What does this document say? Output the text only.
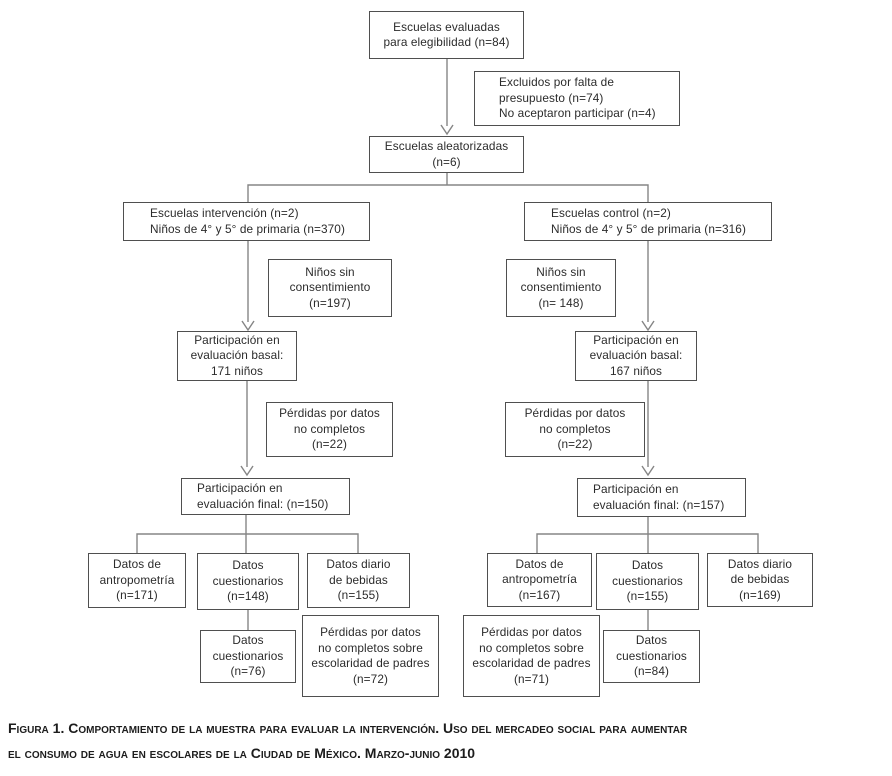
Escuelas evaluadas
para elegibilidad (n=84)
Excluidos por falta de
presupuesto (n=74)
No aceptaron participar (n=4)
Escuelas aleatorizadas
(n=6)
Escuelas intervención (n=2)
Niños de 4° y 5° de primaria (n=370)
Escuelas control (n=2)
Niños de 4° y 5° de primaria (n=316)
Niños sin
consentimiento
(n=197)
Niños sin
consentimiento
(n= 148)
Participación en
evaluación basal:
171 niños
Participación en
evaluación basal:
167 niños
Pérdidas por datos
no completos
(n=22)
Pérdidas por datos
no completos
(n=22)
Participación en
evaluación final: (n=150)
Participación en
evaluación final: (n=157)
Datos de
antropometría
(n=171)
Datos
cuestionarios
(n=148)
Datos diario
de bebidas
(n=155)
Datos de
antropometría
(n=167)
Datos
cuestionarios
(n=155)
Datos diario
de bebidas
(n=169)
Datos
cuestionarios
(n=76)
Pérdidas por datos
no completos sobre
escolaridad de padres
(n=72)
Pérdidas por datos
no completos sobre
escolaridad de padres
(n=71)
Datos
cuestionarios
(n=84)
Figura 1. Comportamiento de la muestra para evaluar la intervención. Uso del mercadeo social para aumentar
el consumo de agua en escolares de la Ciudad de México. Marzo-junio 2010
